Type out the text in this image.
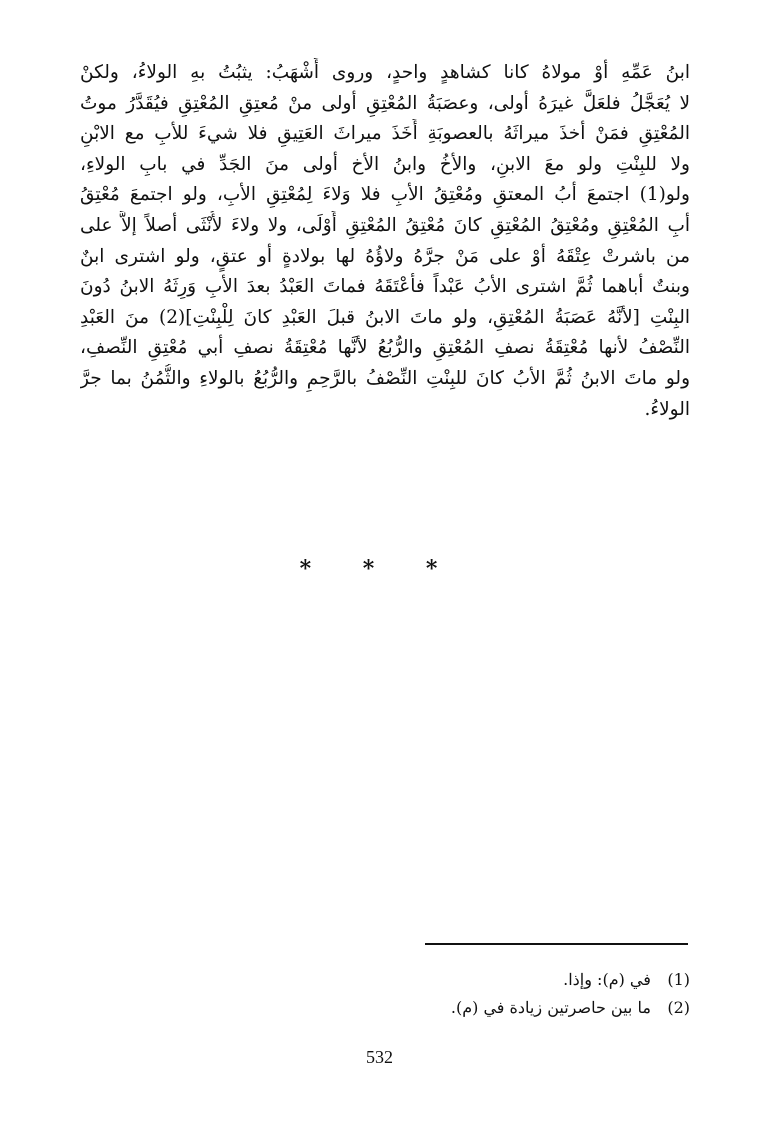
ابنُ عَمِّهِ أوْ مولاهُ كانا كشاهدٍ واحدٍ، وروى أَشْهَبُ: يثبُتُ بهِ الولاءُ، ولكنْ
لا يُعَجَّلُ فلعَلَّ غيرَهُ أولى، وعصَبَةُ المُعْتِقِ أولى منْ مُعتِقِ المُعْتِقِ فيُقَدَّرُ موتُ
المُعْتِقِ فمَنْ أخذَ ميراثَهُ بالعصوبَةِ أَخَذَ ميراثَ العَتِيقِ فلا شيءَ للأبِ مع الابْنِ
ولا للبِنْتِ ولو معَ الابنِ، والأخُ وابنُ الأخ أولى منَ الجَدِّ في بابِ الولاءِ،
ولو(1) اجتمعَ أبُ المعتقِ ومُعْتِقُ الأبِ فلا وَلاءَ لِمُعْتِقِ الأبِ، ولو اجتمعَ مُعْتِقُ
أبِ المُعْتِقِ ومُعْتِقُ المُعْتِقِ كانَ مُعْتِقُ المُعْتِقِ أَوْلَى، ولا ولاءَ لأُنْثَى أصلاً إلاَّ على
من باشرتْ عِتْقَهُ أوْ على مَنْ جرَّهُ ولاؤُهُ لها بولادةٍ أو عتقٍ، ولو اشترى ابنٌ
وبنتٌ أباهما ثُمَّ اشترى الأبُ عَبْداً فأَعْتَقَهُ فماتَ العَبْدُ بعدَ الأبِ وَرِثَهُ الابنُ دُونَ
البِنْتِ [لأنَّهُ عَصَبَةُ المُعْتِقِ، ولو ماتَ الابنُ قبلَ العَبْدِ كانَ لِلْبِنْتِ](2) منَ العَبْدِ
النِّصْفُ لأنها مُعْتِقَةُ نصفِ المُعْتِقِ والرُّبُعُ لأنَّها مُعْتِقَةُ نصفِ أبي مُعْتِقِ النِّصفِ،
ولو ماتَ الابنُ ثُمَّ الأبُ كانَ للبِنْتِ النِّصْفُ بالرَّحِمِ والرُّبُعُ بالولاءِ والثُّمُنُ بما جرَّ
الولاءُ.
* * *
(1) في (م): وإذا.
(2) ما بين حاصرتين زيادة في (م).
532
